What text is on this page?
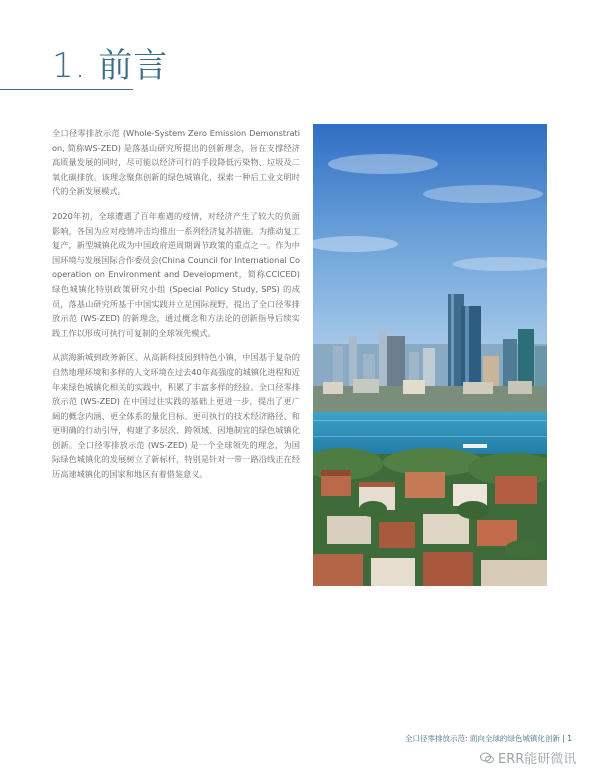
1. 前言

全口径零排放示范 (Whole-System Zero Emission Demonstration, 简称WS-ZED) 是落基山研究所提出的创新理念，旨在支撑经济高质量发展的同时，尽可能以经济可行的手段降低污染物、垃圾及二氧化碳排放。该理念聚焦创新的绿色城镇化，探索一种后工业文明时代的全新发展模式。

2020年初，全球遭遇了百年难遇的疫情，对经济产生了较大的负面影响，各国为应对疫情冲击均推出一系列经济复苏措施。为推动复工复产，新型城镇化成为中国政府逆周期调节政策的重点之一。作为中国环境与发展国际合作委员会(China Council for International Cooperation on Environment and Development，简称CCICED) 绿色城镇化特别政策研究小组 (Special Policy Study, SPS) 的成员，落基山研究所基于中国实践并立足国际视野，提出了全口径零排放示范 (WS-ZED) 的新理念，通过概念和方法论的创新指导后续实践工作以形成可执行可复制的全球领先模式。

从滨海新城到政务新区、从高新科技园到特色小镇，中国基于复杂的自然地理环境和多样的人文环境在过去40年高强度的城镇化进程和近年来绿色城镇化相关的实践中，积累了丰富多样的经验。全口径零排放示范 (WS-ZED) 在中国过往实践的基础上更进一步，提出了更广阔的概念内涵、更全体系的量化目标、更可执行的技术经济路径、和更明确的行动引导，构建了多层次、跨领域、因地制宜的绿色城镇化创新。全口径零排放示范 (WS-ZED) 是一个全球领先的理念，为国际绿色城镇化的发展树立了新标杆，特别是针对一带一路沿线正在经历高速城镇化的国家和地区有着借鉴意义。

全口径零排放示范: 面向全球的绿色城镇化创新 | 1
ERR能研微讯
